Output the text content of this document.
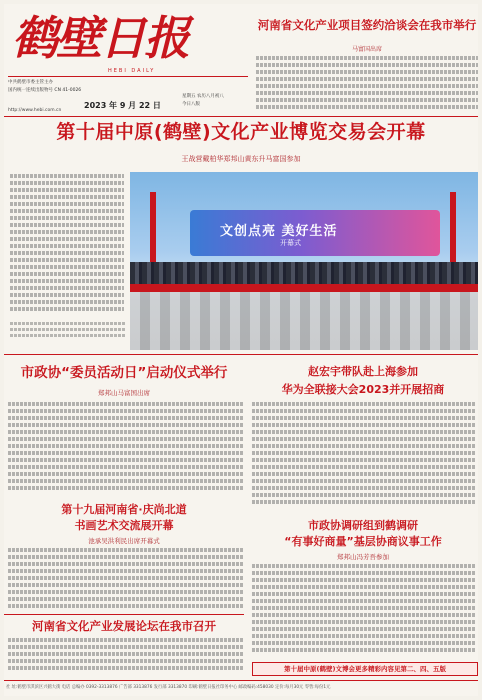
鹤壁日报
HEBI DAILY
中共鹤壁市委主管主办
国内统一连续出版物号 CN 41-0026
星期五 农历八月初八
今日八版
2023 年 9 月 22 日
http://www.hebi.com.cn
河南省文化产业项目签约洽谈会在我市举行
马富国出席
第十届中原(鹤壁)文化产业博览交易会开幕
王战营戴柏华郑邦山黄东升马富国参加
文创点亮 美好生活
开幕式
市政协“委员活动日”启动仪式举行
郑邦山马富国出席
赵宏宇带队赴上海参加
华为全联接大会2023并开展招商
第十九届河南省·庆尚北道
书画艺术交流展开幕
池承吴洪利民出席开幕式
市政协调研组到鹤调研
“有事好商量”基层协商议事工作
郑邦山冯芳吾参加
河南省文化产业发展论坛在我市召开
第十届中原(鹤壁)文博会更多精彩内容见第二、四、五版
社 址:鹤壁市淇滨区兴鹤大街 电话 总编办 0392-3313876 广告部 3313876 发行部 3313870 印刷:鹤壁日报社印务中心 邮政编码:458030 定价:每月30元 零售:每份1元
